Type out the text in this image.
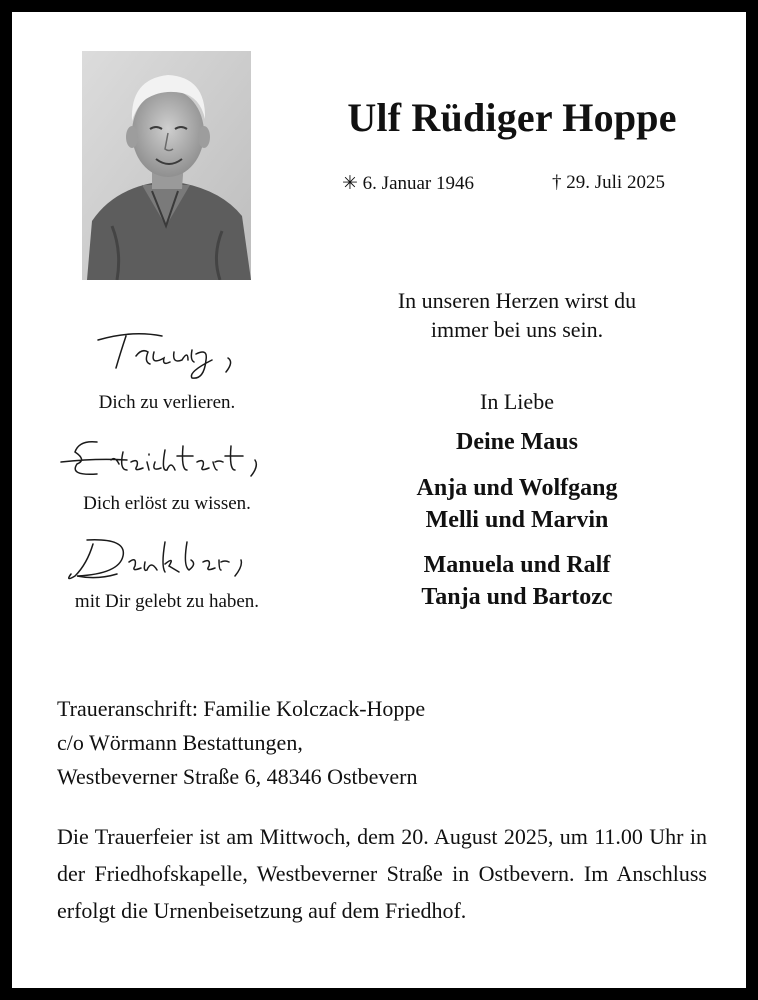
Ulf Rüdiger Hoppe
✳ 6. Januar 1946	† 29. Juli 2025
In unseren Herzen wirst du
immer bei uns sein.
In Liebe
Deine Maus
Anja und Wolfgang
Melli und Marvin
Manuela und Ralf
Tanja und Bartozc
Dich zu verlieren.
Dich erlöst zu wissen.
mit Dir gelebt zu haben.
Traueranschrift: Familie Kolczack-Hoppe
c/o Wörmann Bestattungen,
Westbeverner Straße 6, 48346 Ostbevern
Die Trauerfeier ist am Mittwoch, dem 20. August 2025, um 11.00 Uhr in der Friedhofskapelle, Westbeverner Straße in Ostbevern. Im Anschluss erfolgt die Urnenbeisetzung auf dem Friedhof.
